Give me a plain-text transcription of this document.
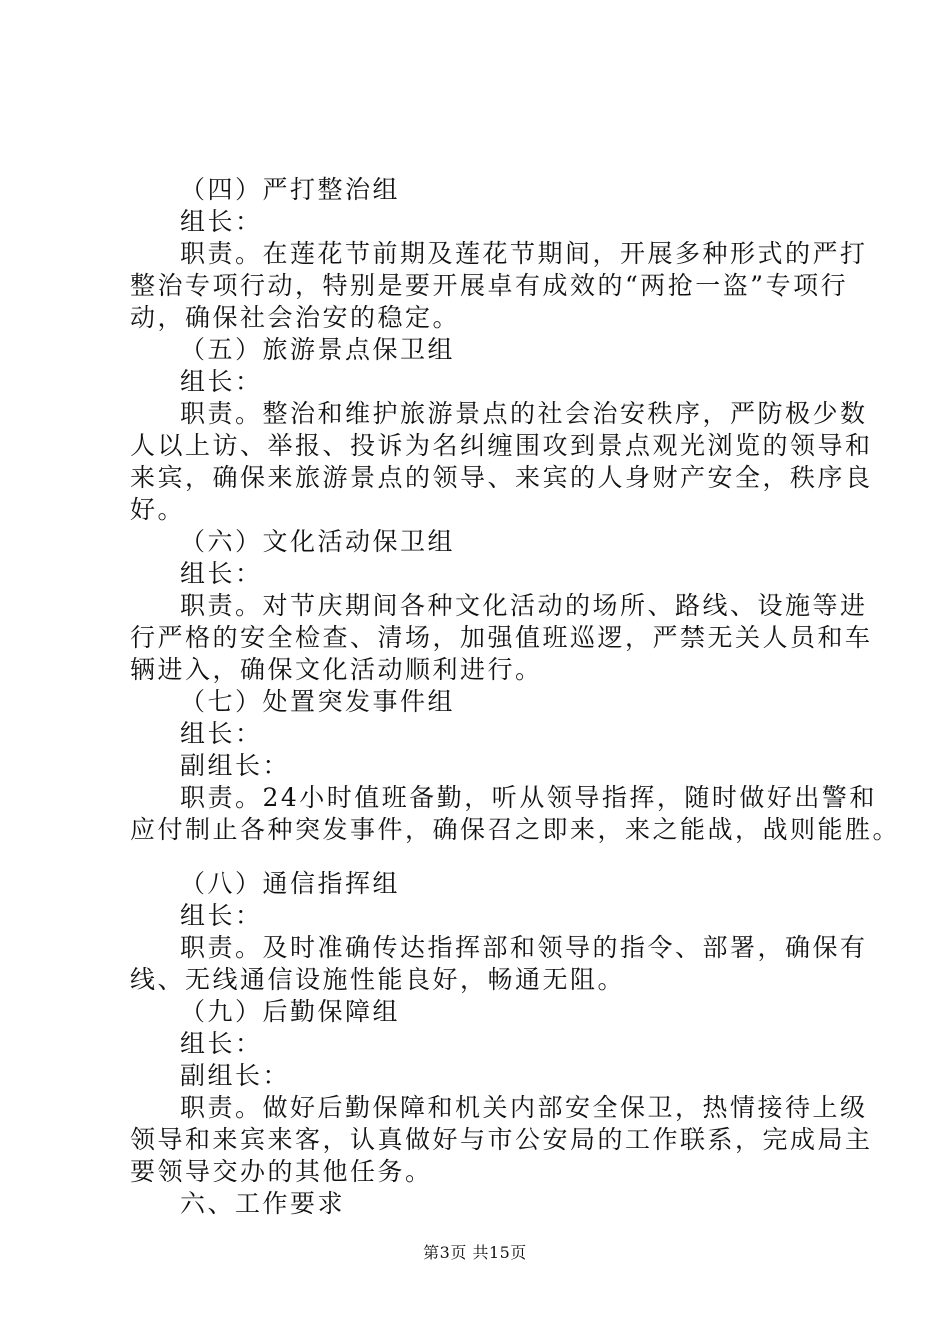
（四）严打整治组
组长：
职责。在莲花节前期及莲花节期间，开展多种形式的严打
整治专项行动，特别是要开展卓有成效的“两抢一盗”专项行
动，确保社会治安的稳定。
（五）旅游景点保卫组
组长：
职责。整治和维护旅游景点的社会治安秩序，严防极少数
人以上访、举报、投诉为名纠缠围攻到景点观光浏览的领导和
来宾，确保来旅游景点的领导、来宾的人身财产安全，秩序良
好。
（六）文化活动保卫组
组长：
职责。对节庆期间各种文化活动的场所、路线、设施等进
行严格的安全检查、清场，加强值班巡逻，严禁无关人员和车
辆进入，确保文化活动顺利进行。
（七）处置突发事件组
组长：
副组长：
职责。24小时值班备勤，听从领导指挥，随时做好出警和
应付制止各种突发事件，确保召之即来，来之能战，战则能胜。
（八）通信指挥组
组长：
职责。及时准确传达指挥部和领导的指令、部署，确保有
线、无线通信设施性能良好，畅通无阻。
（九）后勤保障组
组长：
副组长：
职责。做好后勤保障和机关内部安全保卫，热情接待上级
领导和来宾来客，认真做好与市公安局的工作联系，完成局主
要领导交办的其他任务。
六、工作要求
第3页 共15页
